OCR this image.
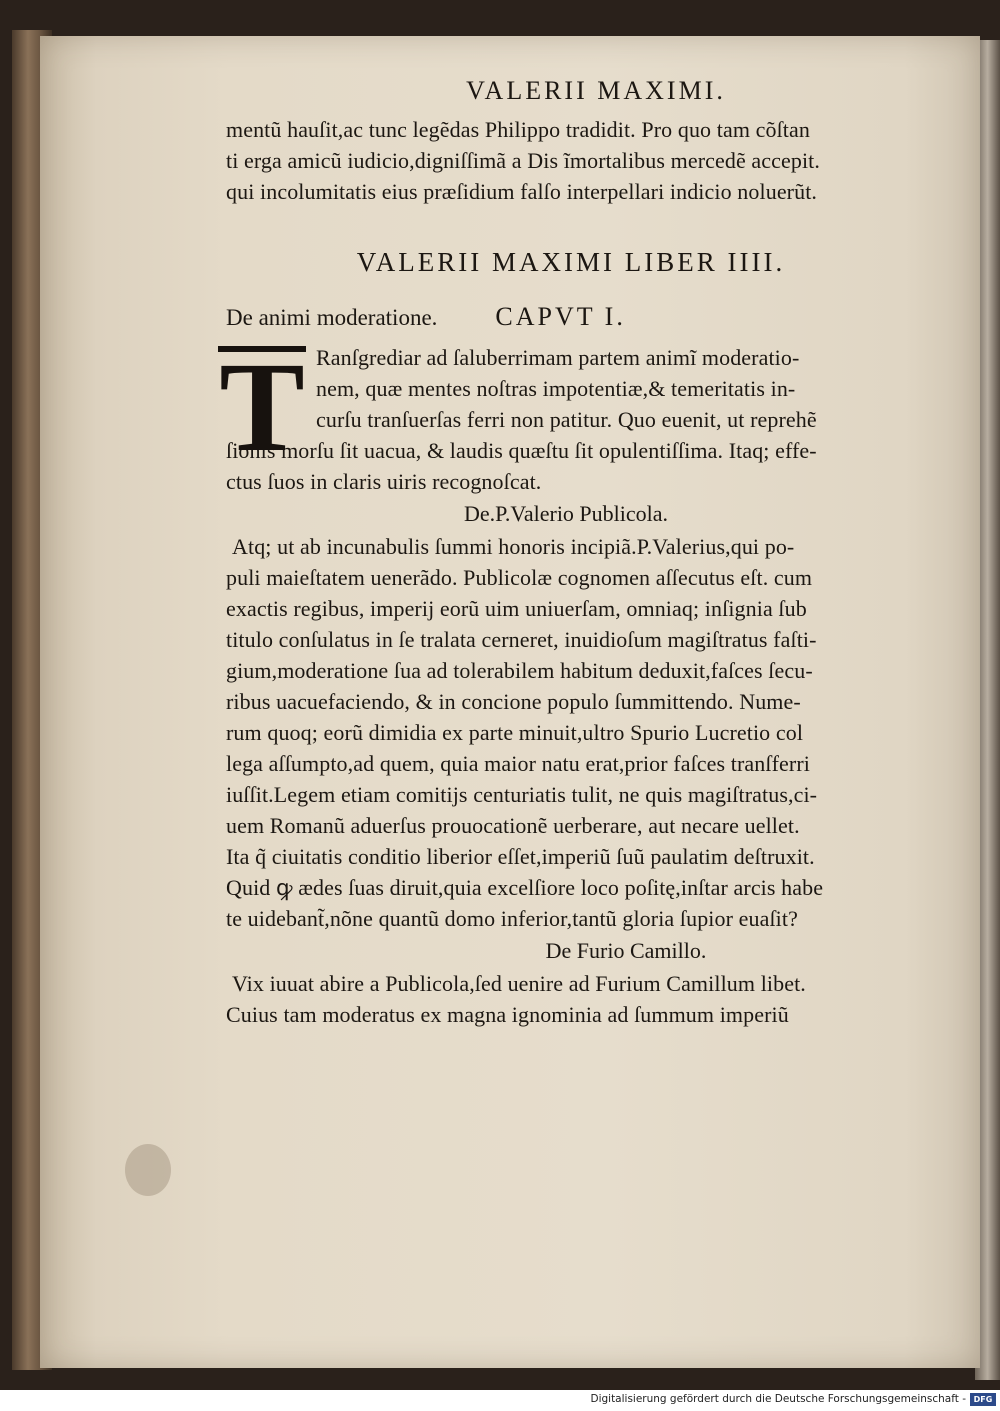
VALERII MAXIMI.
mentũ hauſit,ac tunc legẽdas Philippo tradidit. Pro quo tam cõſtan
ti erga amicũ iudicio,digniſſimã a Dis ĩmortalibus mercedẽ accepit.
qui incolumitatis eius præſidium falſo interpellari indicio noluerũt.
VALERII MAXIMI LIBER IIII.
De animi moderatione. CAPVT I.
T Ranſgrediar ad ſaluberrimam partem animĩ moderatio-
nem, quæ mentes noſtras impotentiæ,& temeritatis in-
curſu tranſuerſas ferri non patitur. Quo euenit, ut reprehẽ
ſionis morſu ſit uacua, & laudis quæſtu ſit opulentiſſima. Itaq; effe-
ctus ſuos in claris uiris recognoſcat.
De.P.Valerio Publicola.
Atq; ut ab incunabulis ſummi honoris incipiã.P.Valerius,qui po-
puli maieſtatem uenerãdo. Publicolæ cognomen aſſecutus eſt. cum
exactis regibus, imperij eorũ uim uniuerſam, omniaq; inſignia ſub
titulo conſulatus in ſe tralata cerneret, inuidioſum magiſtratus faſti-
gium,moderatione ſua ad tolerabilem habitum deduxit,faſces ſecu-
ribus uacuefaciendo, & in concione populo ſummittendo. Nume-
rum quoq; eorũ dimidia ex parte minuit,ultro Spurio Lucretio col
lega aſſumpto,ad quem, quia maior natu erat,prior faſces tranſferri
iuſſit.Legem etiam comitijs centuriatis tulit, ne quis magiſtratus,ci-
uem Romanũ aduerſus prouocationẽ uerberare, aut necare uellet.
Ita q̃ ciuitatis conditio liberior eſſet,imperiũ ſuũ paulatim deſtruxit.
Quid ꝙ ædes ſuas diruit,quia excelſiore loco poſitę,inſtar arcis habe
te uidebant̃,nõne quantũ domo inferior,tantũ gloria ſupior euaſit?
De Furio Camillo.
Vix iuuat abire a Publicola,ſed uenire ad Furium Camillum libet.
Cuius tam moderatus ex magna ignominia ad ſummum imperiũ
Digitalisierung gefördert durch die Deutsche Forschungsgemeinschaft - DFG
